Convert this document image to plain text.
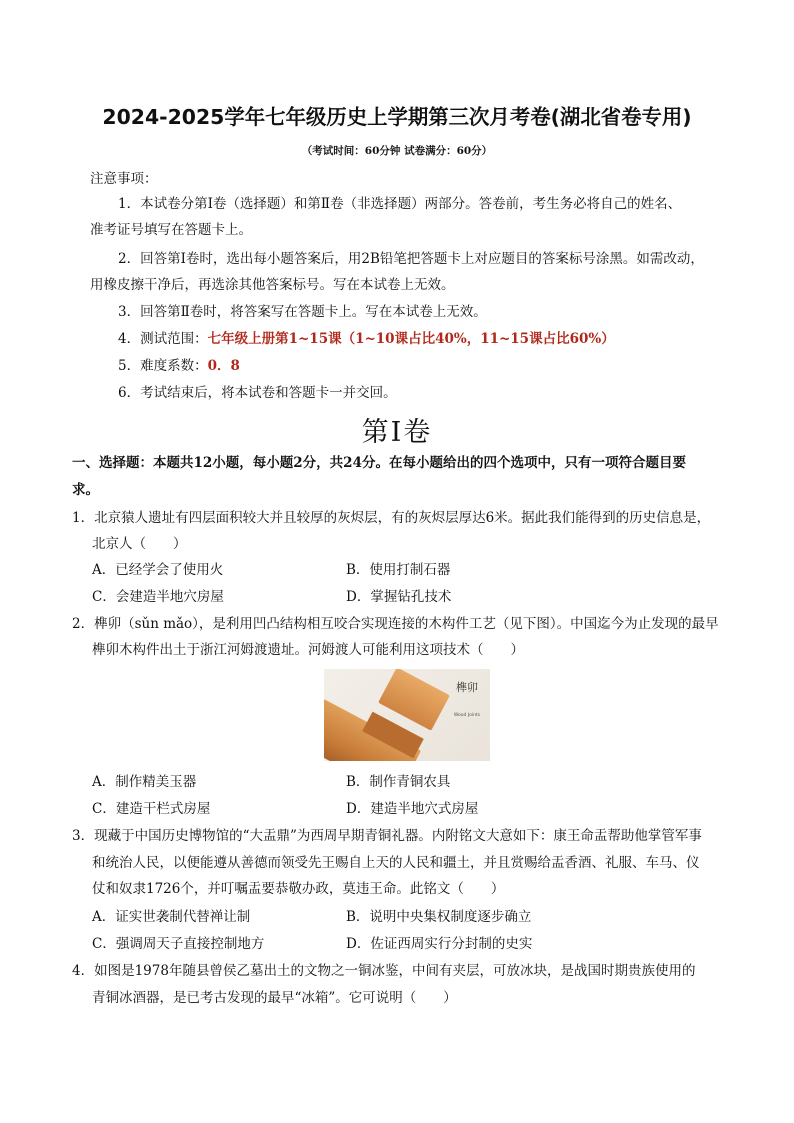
2024-2025学年七年级历史上学期第三次月考卷(湖北省卷专用)
（考试时间：60分钟 试卷满分：60分）
注意事项：
1．本试卷分第Ⅰ卷（选择题）和第Ⅱ卷（非选择题）两部分。答卷前，考生务必将自己的姓名、
准考证号填写在答题卡上。
2．回答第Ⅰ卷时，选出每小题答案后，用2B铅笔把答题卡上对应题目的答案标号涂黑。如需改动，
用橡皮擦干净后，再选涂其他答案标号。写在本试卷上无效。
3．回答第Ⅱ卷时，将答案写在答题卡上。写在本试卷上无效。
4．测试范围：七年级上册第1~15课（1~10课占比40%，11~15课占比60%）
5．难度系数：0．8
6．考试结束后，将本试卷和答题卡一并交回。
第Ⅰ卷
一、选择题：本题共12小题，每小题2分，共24分。在每小题给出的四个选项中，只有一项符合题目要
求。
1．北京猿人遗址有四层面积较大并且较厚的灰烬层，有的灰烬层厚达6米。据此我们能得到的历史信息是，
北京人（　　）
A．已经学会了使用火	B．使用打制石器
C．会建造半地穴房屋	D．掌握钻孔技术
2．榫卯（sǔn mǎo），是利用凹凸结构相互咬合实现连接的木构件工艺（见下图）。中国迄今为止发现的最早
榫卯木构件出土于浙江河姆渡遗址。河姆渡人可能利用这项技术（　　）
榫卯
Wood Joints
A．制作精美玉器	B．制作青铜农具
C．建造干栏式房屋	D．建造半地穴式房屋
3．现藏于中国历史博物馆的“大盂鼎”为西周早期青铜礼器。内附铭文大意如下：康王命盂帮助他掌管军事
和统治人民，以便能遵从善德而领受先王赐自上天的人民和疆土，并且赏赐给盂香酒、礼服、车马、仪
仗和奴隶1726个，并叮嘱盂要恭敬办政，莫违王命。此铭文（　　）
A．证实世袭制代替禅让制	B．说明中央集权制度逐步确立
C．强调周天子直接控制地方	D．佐证西周实行分封制的史实
4．如图是1978年随县曾侯乙墓出土的文物之一铜冰鉴，中间有夹层，可放冰块，是战国时期贵族使用的
青铜冰酒器，是已考古发现的最早“冰箱”。它可说明（　　）
